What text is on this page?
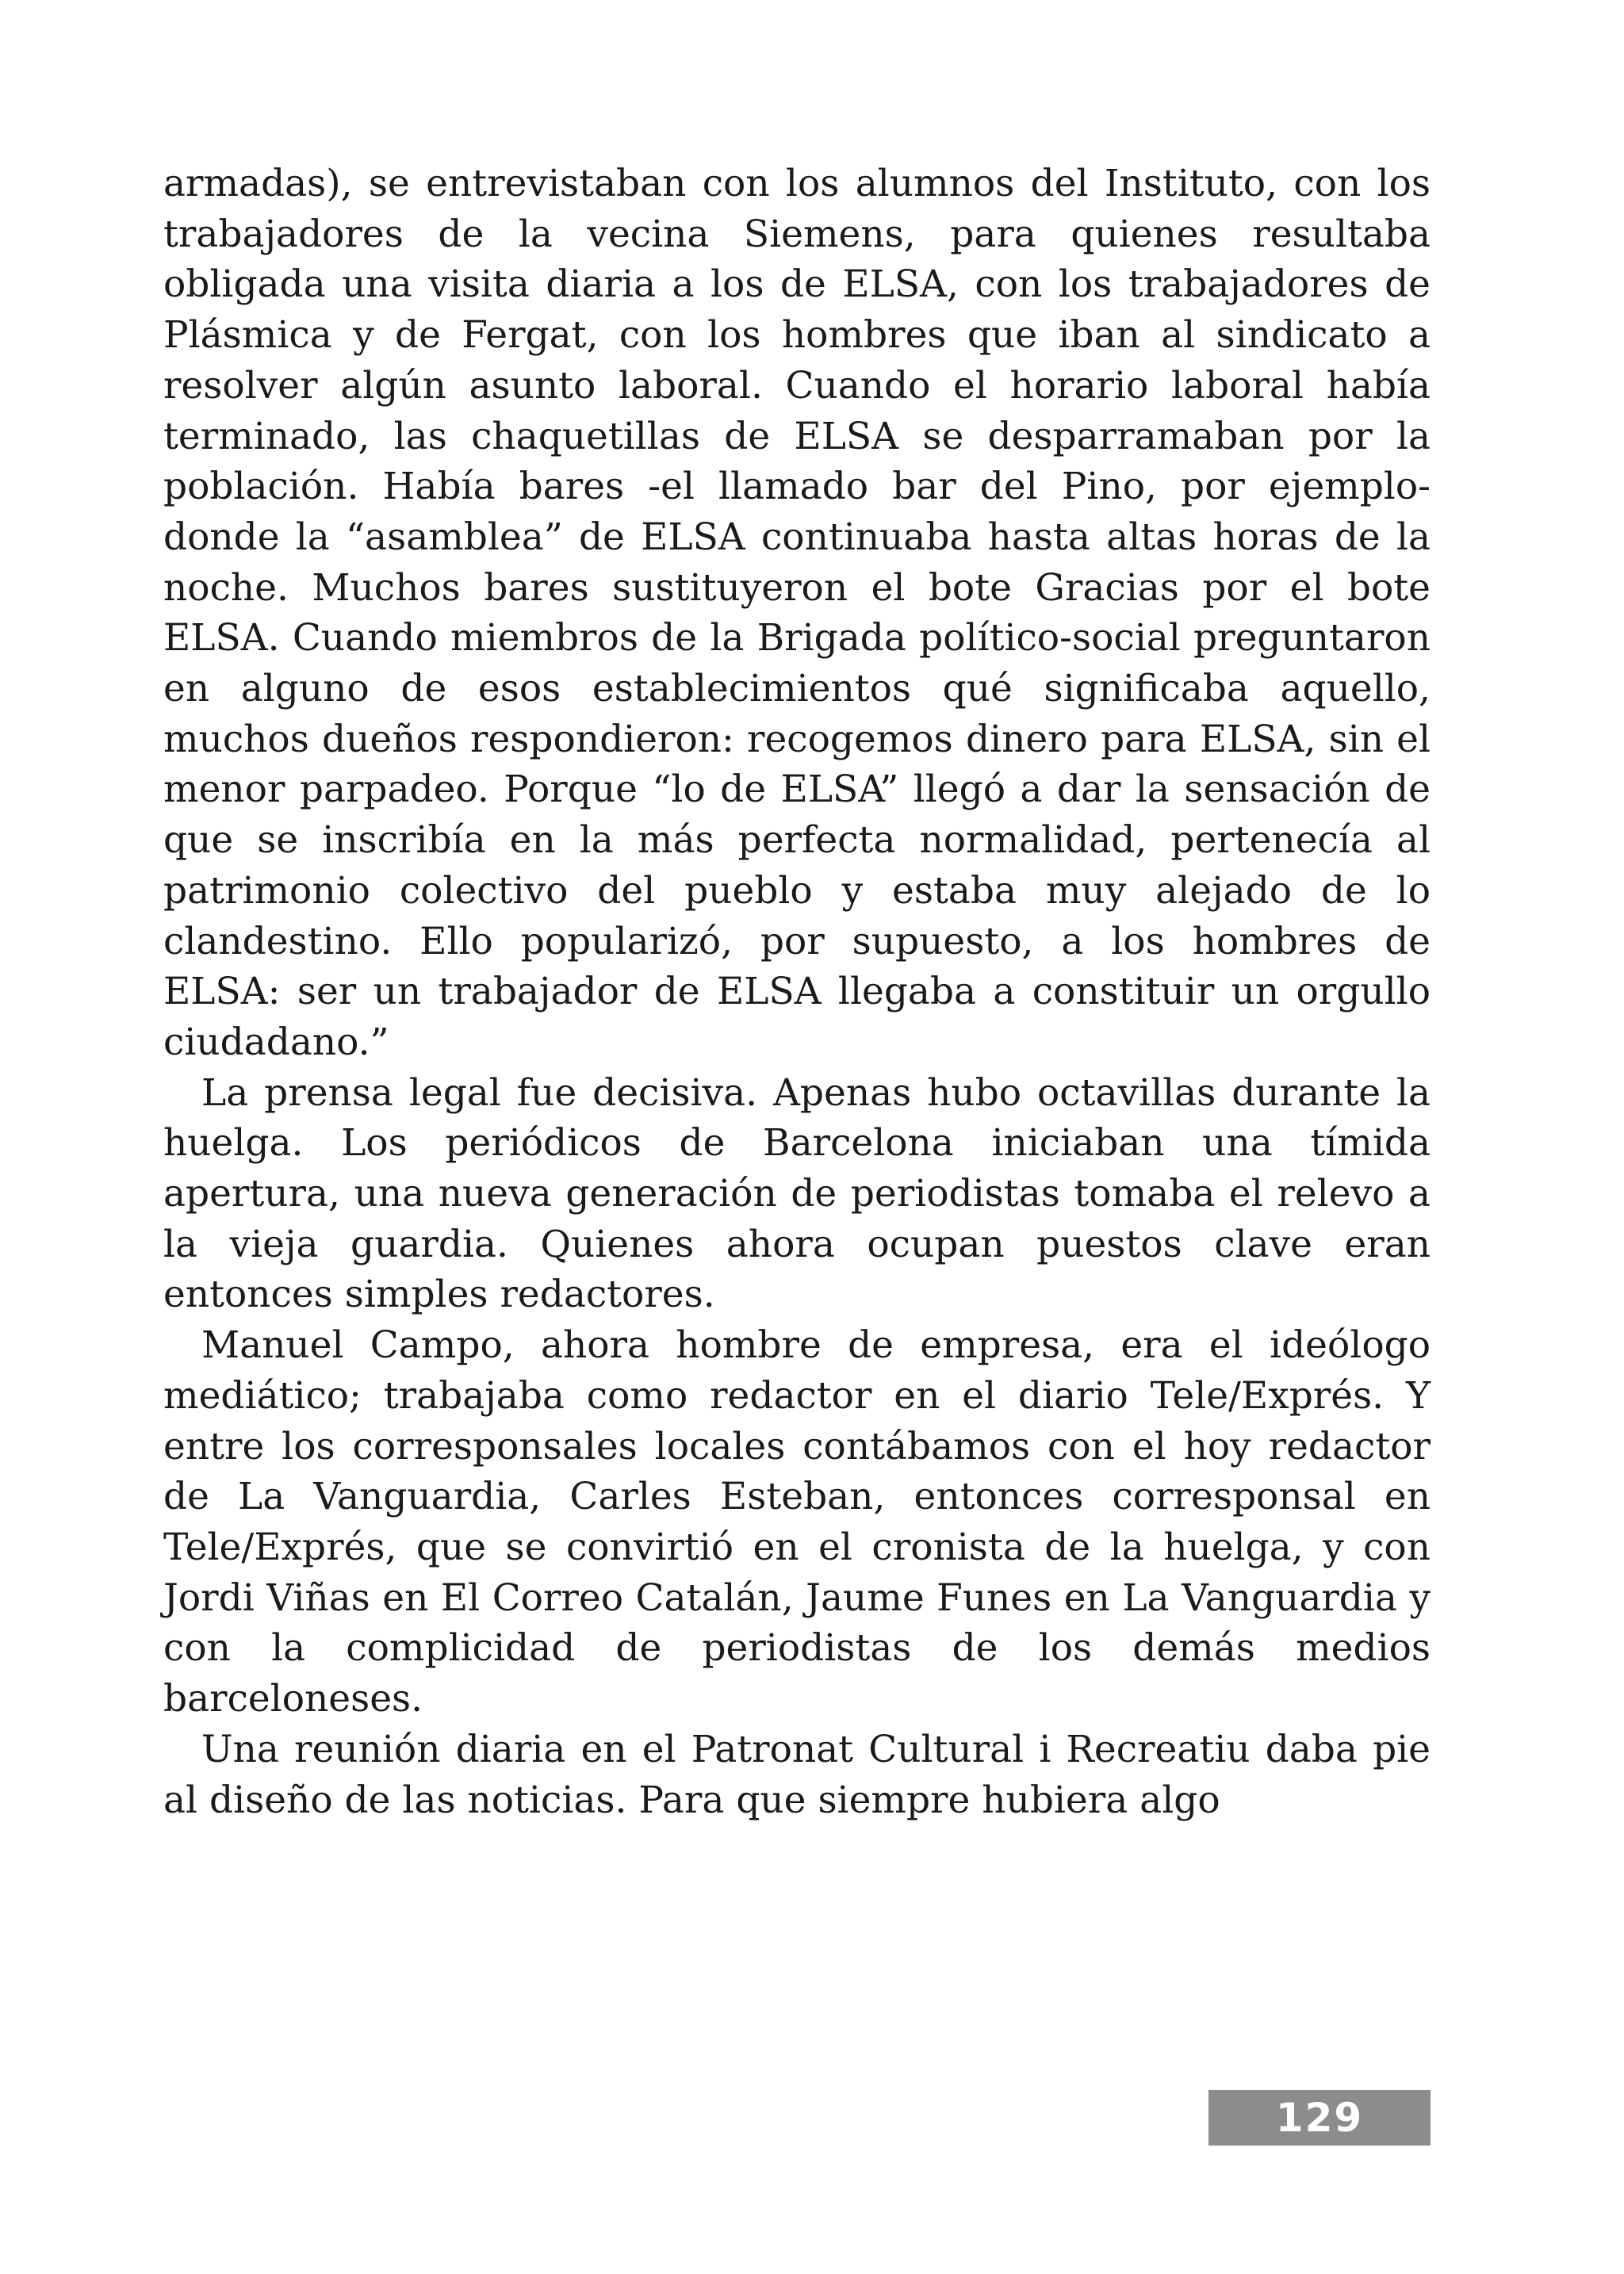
armadas), se entrevistaban con los alumnos del Instituto, con los trabajadores de la vecina Siemens, para quienes resultaba obligada una visita diaria a los de ELSA, con los trabajadores de Plásmica y de Fergat, con los hombres que iban al sindicato a resolver algún asunto laboral. Cuando el horario laboral había terminado, las chaquetillas de ELSA se desparramaban por la población. Había bares -el llamado bar del Pino, por ejemplo- donde la “asamblea” de ELSA continuaba hasta altas horas de la noche. Muchos bares sustituyeron el bote Gracias por el bote ELSA. Cuando miembros de la Brigada político-social preguntaron en alguno de esos establecimientos qué significaba aquello, muchos dueños respondieron: recogemos dinero para ELSA, sin el menor parpadeo. Porque “lo de ELSA” llegó a dar la sensación de que se inscribía en la más perfecta normalidad, pertenecía al patrimonio colectivo del pueblo y estaba muy alejado de lo clandestino. Ello popularizó, por supuesto, a los hombres de ELSA: ser un trabajador de ELSA llegaba a constituir un orgullo ciudadano.”

La prensa legal fue decisiva. Apenas hubo octavillas durante la huelga. Los periódicos de Barcelona iniciaban una tímida apertura, una nueva generación de periodistas tomaba el relevo a la vieja guardia. Quienes ahora ocupan puestos clave eran entonces simples redactores.

Manuel Campo, ahora hombre de empresa, era el ideólogo mediático; trabajaba como redactor en el diario Tele/Exprés. Y entre los corresponsales locales contábamos con el hoy redactor de La Vanguardia, Carles Esteban, entonces corresponsal en Tele/Exprés, que se convirtió en el cronista de la huelga, y con Jordi Viñas en El Correo Catalán, Jaume Funes en La Vanguardia y con la complicidad de periodistas de los demás medios barceloneses.

Una reunión diaria en el Patronat Cultural i Recreatiu daba pie al diseño de las noticias. Para que siempre hubiera algo

129
